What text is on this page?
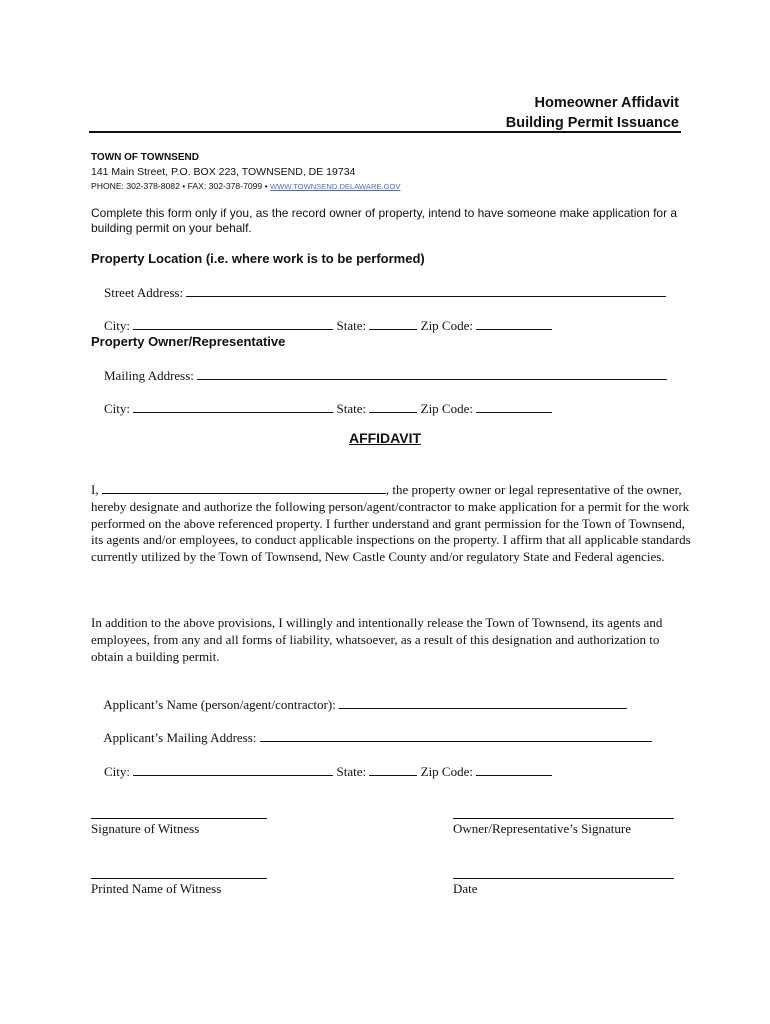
Homeowner Affidavit
Building Permit Issuance
TOWN OF TOWNSEND
141 Main Street, P.O. BOX 223, TOWNSEND, DE 19734
PHONE: 302-378-8082 • FAX: 302-378-7099 • WWW.TOWNSEND.DELAWARE.GOV
Complete this form only if you, as the record owner of property, intend to have someone make application for a building permit on your behalf.
Property Location (i.e. where work is to be performed)

Street Address:

City:	State:	Zip Code:

Property Owner/Representative

Mailing Address:

City:	State:	Zip Code:

AFFIDAVIT
I,	, the property owner or legal representative of the owner, hereby designate and authorize the following person/agent/contractor to make application for a permit for the work performed on the above referenced property. I further understand and grant permission for the Town of Townsend, its agents and/or employees, to conduct applicable inspections on the property. I affirm that all applicable standards currently utilized by the Town of Townsend, New Castle County and/or regulatory State and Federal agencies.
In addition to the above provisions, I willingly and intentionally release the Town of Townsend, its agents and employees, from any and all forms of liability, whatsoever, as a result of this designation and authorization to obtain a building permit.

Applicant’s Name (person/agent/contractor):

Applicant’s Mailing Address:

City:	State:	Zip Code:

Signature of Witness	Owner/Representative’s Signature
Printed Name of Witness	Date
